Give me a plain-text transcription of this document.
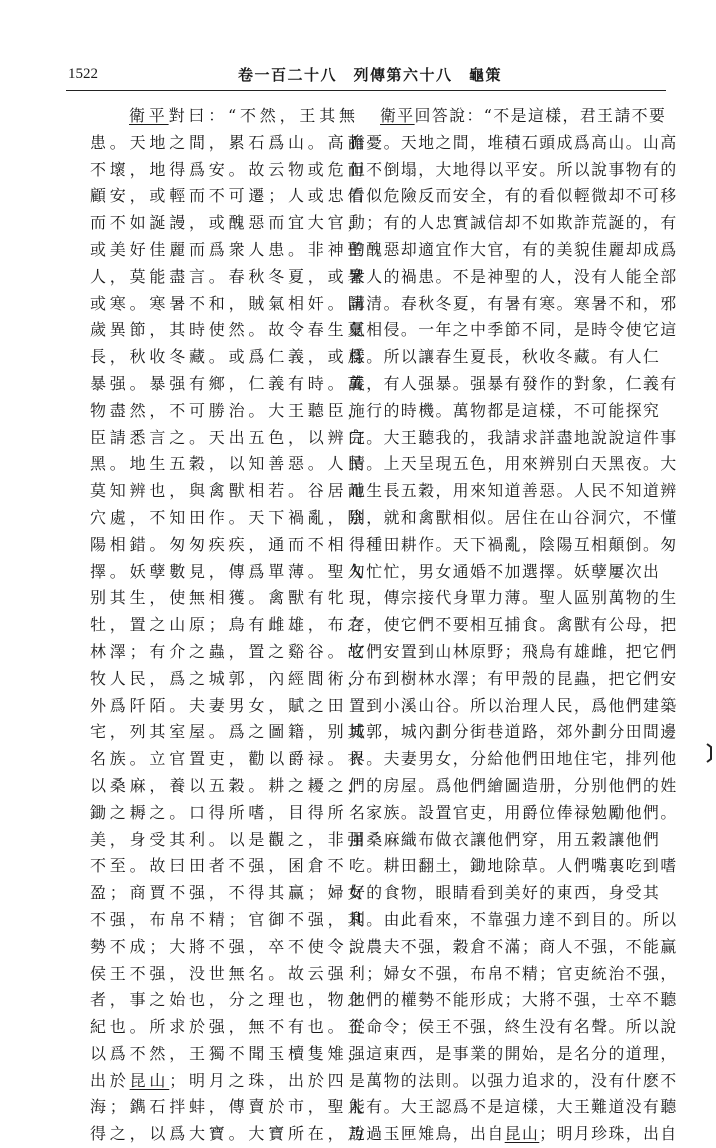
1522	卷一百二十八　列傳第六十八　龜策

衛平對曰：“不然，王其無

患。天地之間，累石爲山。高而

不壞，地得爲安。故云物或危而

顧安，或輕而不可遷；人或忠信

而不如誕謾，或醜惡而宜大官，

或美好佳麗而爲衆人患。非神聖

人，莫能盡言。春秋冬夏，或暑

或寒。寒暑不和，賊氣相奸。同

歲異節，其時使然。故令春生夏

長，秋收冬藏。或爲仁義，或爲

暴强。暴强有鄉，仁義有時。萬

物盡然，不可勝治。大王聽臣，

臣請悉言之。天出五色，以辨白

黑。地生五穀，以知善惡。人民

莫知辨也，與禽獸相若。谷居而

穴處，不知田作。天下禍亂，陰

陽相錯。匆匆疾疾，通而不相

擇。妖孽數見，傳爲單薄。聖人

别其生，使無相獲。禽獸有牝

牡，置之山原；鳥有雌雄，布之

林澤；有介之蟲，置之谿谷。故

牧人民，爲之城郭，內經閭術，

外爲阡陌。夫妻男女，賦之田

宅，列其室屋。爲之圖籍，别其

名族。立官置吏，勸以爵禄。衣

以桑麻，養以五穀。耕之耰之，

鋤之耨之。口得所嗜，目得所

美，身受其利。以是觀之，非强

不至。故曰田者不强，囷倉不

盈；商賈不强，不得其赢；婦女

不强，布帛不精；官御不强，其

勢不成；大將不强，卒不使令；

侯王不强，没世無名。故云强

者，事之始也，分之理也，物之

紀也。所求於强，無不有也。王

以爲不然，王獨不聞玉櫝隻雉，

出於昆山；明月之珠，出於四

海；鐫石拌蚌，傳賣於市，聖人

得之，以爲大寶。大寶所在，乃

衛平回答說：“不是這樣，君王請不要

擔憂。天地之間，堆積石頭成爲高山。山高

但不倒塌，大地得以平安。所以說事物有的

看似危險反而安全，有的看似輕微却不可移

動；有的人忠實誠信却不如欺詐荒誕的，有

的醜惡却適宜作大官，有的美貌佳麗却成爲

衆人的禍患。不是神聖的人，没有人能全部

講清。春秋冬夏，有暑有寒。寒暑不和，邪

氣相侵。一年之中季節不同，是時令使它這

樣。所以讓春生夏長，秋收冬藏。有人仁

義，有人强暴。强暴有發作的對象，仁義有

施行的時機。萬物都是這樣，不可能探究

完。大王聽我的，我請求詳盡地說說這件事

情。上天呈現五色，用來辨别白天黑夜。大

地生長五穀，用來知道善惡。人民不知道辨

别，就和禽獸相似。居住在山谷洞穴，不懂

得種田耕作。天下禍亂，陰陽互相顛倒。匆

匆忙忙，男女通婚不加選擇。妖孽屢次出

現，傳宗接代身單力薄。聖人區别萬物的生

存，使它們不要相互捕食。禽獸有公母，把

它們安置到山林原野；飛鳥有雄雌，把它們

分布到樹林水澤；有甲殼的昆蟲，把它們安

置到小溪山谷。所以治理人民，爲他們建築

城郭，城內劃分街巷道路，郊外劃分田間邊

界。夫妻男女，分給他們田地住宅，排列他

們的房屋。爲他們繪圖造册，分别他們的姓

名家族。設置官吏，用爵位俸禄勉勵他們。

用桑麻織布做衣讓他們穿，用五穀讓他們

吃。耕田翻土，鋤地除草。人們嘴裏吃到嗜

好的食物，眼睛看到美好的東西，身受其

利。由此看來，不靠强力達不到目的。所以

說農夫不强，穀倉不滿；商人不强，不能赢

利；婦女不强，布帛不精；官吏統治不强，

他們的權勢不能形成；大將不强，士卒不聽

從命令；侯王不强，終生没有名聲。所以說

强這東西，是事業的開始，是名分的道理，

是萬物的法則。以强力追求的，没有什麽不

能有。大王認爲不是這樣，大王難道没有聽

說過玉匣雉鳥，出自昆山；明月珍珠，出自
